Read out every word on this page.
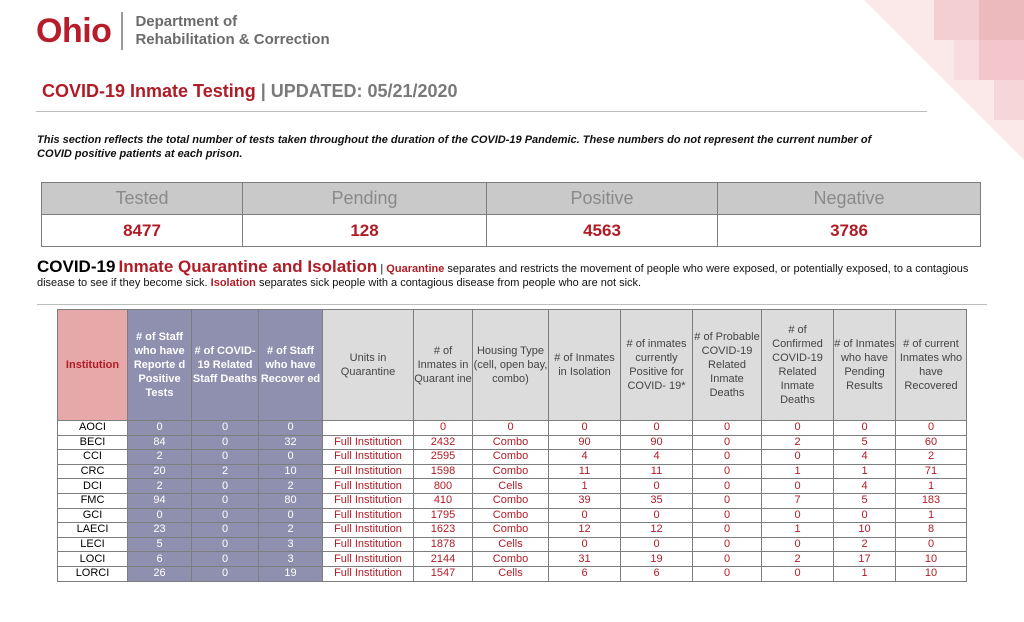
Ohio Department of
Rehabilitation & Correction
COVID-19 Inmate Testing | UPDATED: 05/21/2020
This section reflects the total number of tests taken throughout the duration of the COVID-19 Pandemic. These numbers do not represent the current number of COVID positive patients at each prison.
Tested	Pending	Positive	Negative
8477	128	4563	3786
COVID-19 Inmate Quarantine and Isolation | Quarantine separates and restricts the movement of people who were exposed, or potentially exposed, to a contagious disease to see if they become sick. Isolation separates sick people with a contagious disease from people who are not sick.
Institution	# of Staff who have Reporte d Positive Tests	# of COVID-19 Related Staff Deaths	# of Staff who have Recover ed	Units in Quarantine	# of Inmates in Quarant ine	Housing Type (cell, open bay, combo)	# of Inmates in Isolation	# of inmates currently Positive for COVID- 19*	# of Probable COVID-19 Related Inmate Deaths	# of Confirmed COVID-19 Related Inmate Deaths	# of Inmates who have Pending Results	# of current Inmates who have Recovered
AOCI	0	0	0		0	0	0	0	0	0	0	0
BECI	84	0	32	Full Institution	2432	Combo	90	90	0	2	5	60
CCI	2	0	0	Full Institution	2595	Combo	4	4	0	0	4	2
CRC	20	2	10	Full Institution	1598	Combo	11	11	0	1	1	71
DCI	2	0	2	Full Institution	800	Cells	1	0	0	0	4	1
FMC	94	0	80	Full Institution	410	Combo	39	35	0	7	5	183
GCI	0	0	0	Full Institution	1795	Combo	0	0	0	0	0	1
LAECI	23	0	2	Full Institution	1623	Combo	12	12	0	1	10	8
LECI	5	0	3	Full Institution	1878	Cells	0	0	0	0	2	0
LOCI	6	0	3	Full Institution	2144	Combo	31	19	0	2	17	10
LORCI	26	0	19	Full Institution	1547	Cells	6	6	0	0	1	10
